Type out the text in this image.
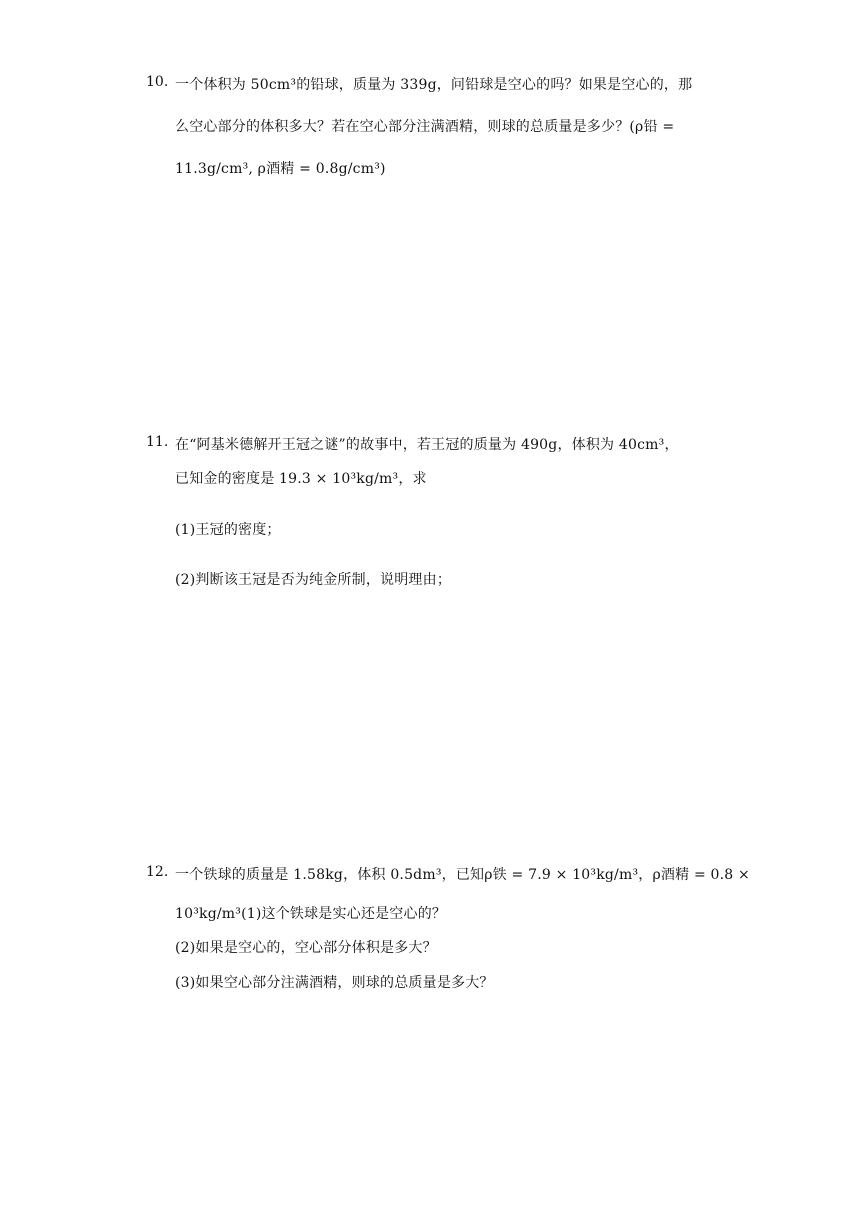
10. 一个体积为 50cm³的铅球，质量为 339g，问铅球是空心的吗？如果是空心的，那
么空心部分的体积多大？若在空心部分注满酒精，则球的总质量是多少？(ρ铅 =
11.3g/cm³, ρ酒精 = 0.8g/cm³)
11. 在“阿基米德解开王冠之谜”的故事中，若王冠的质量为 490g，体积为 40cm³，
已知金的密度是 19.3 × 10³kg/m³，求
(1)王冠的密度；
(2)判断该王冠是否为纯金所制，说明理由；
12. 一个铁球的质量是 1.58kg，体积 0.5dm³，已知ρ铁 = 7.9 × 10³kg/m³，ρ酒精 = 0.8 ×
10³kg/m³(1)这个铁球是实心还是空心的？
(2)如果是空心的，空心部分体积是多大？
(3)如果空心部分注满酒精，则球的总质量是多大？
